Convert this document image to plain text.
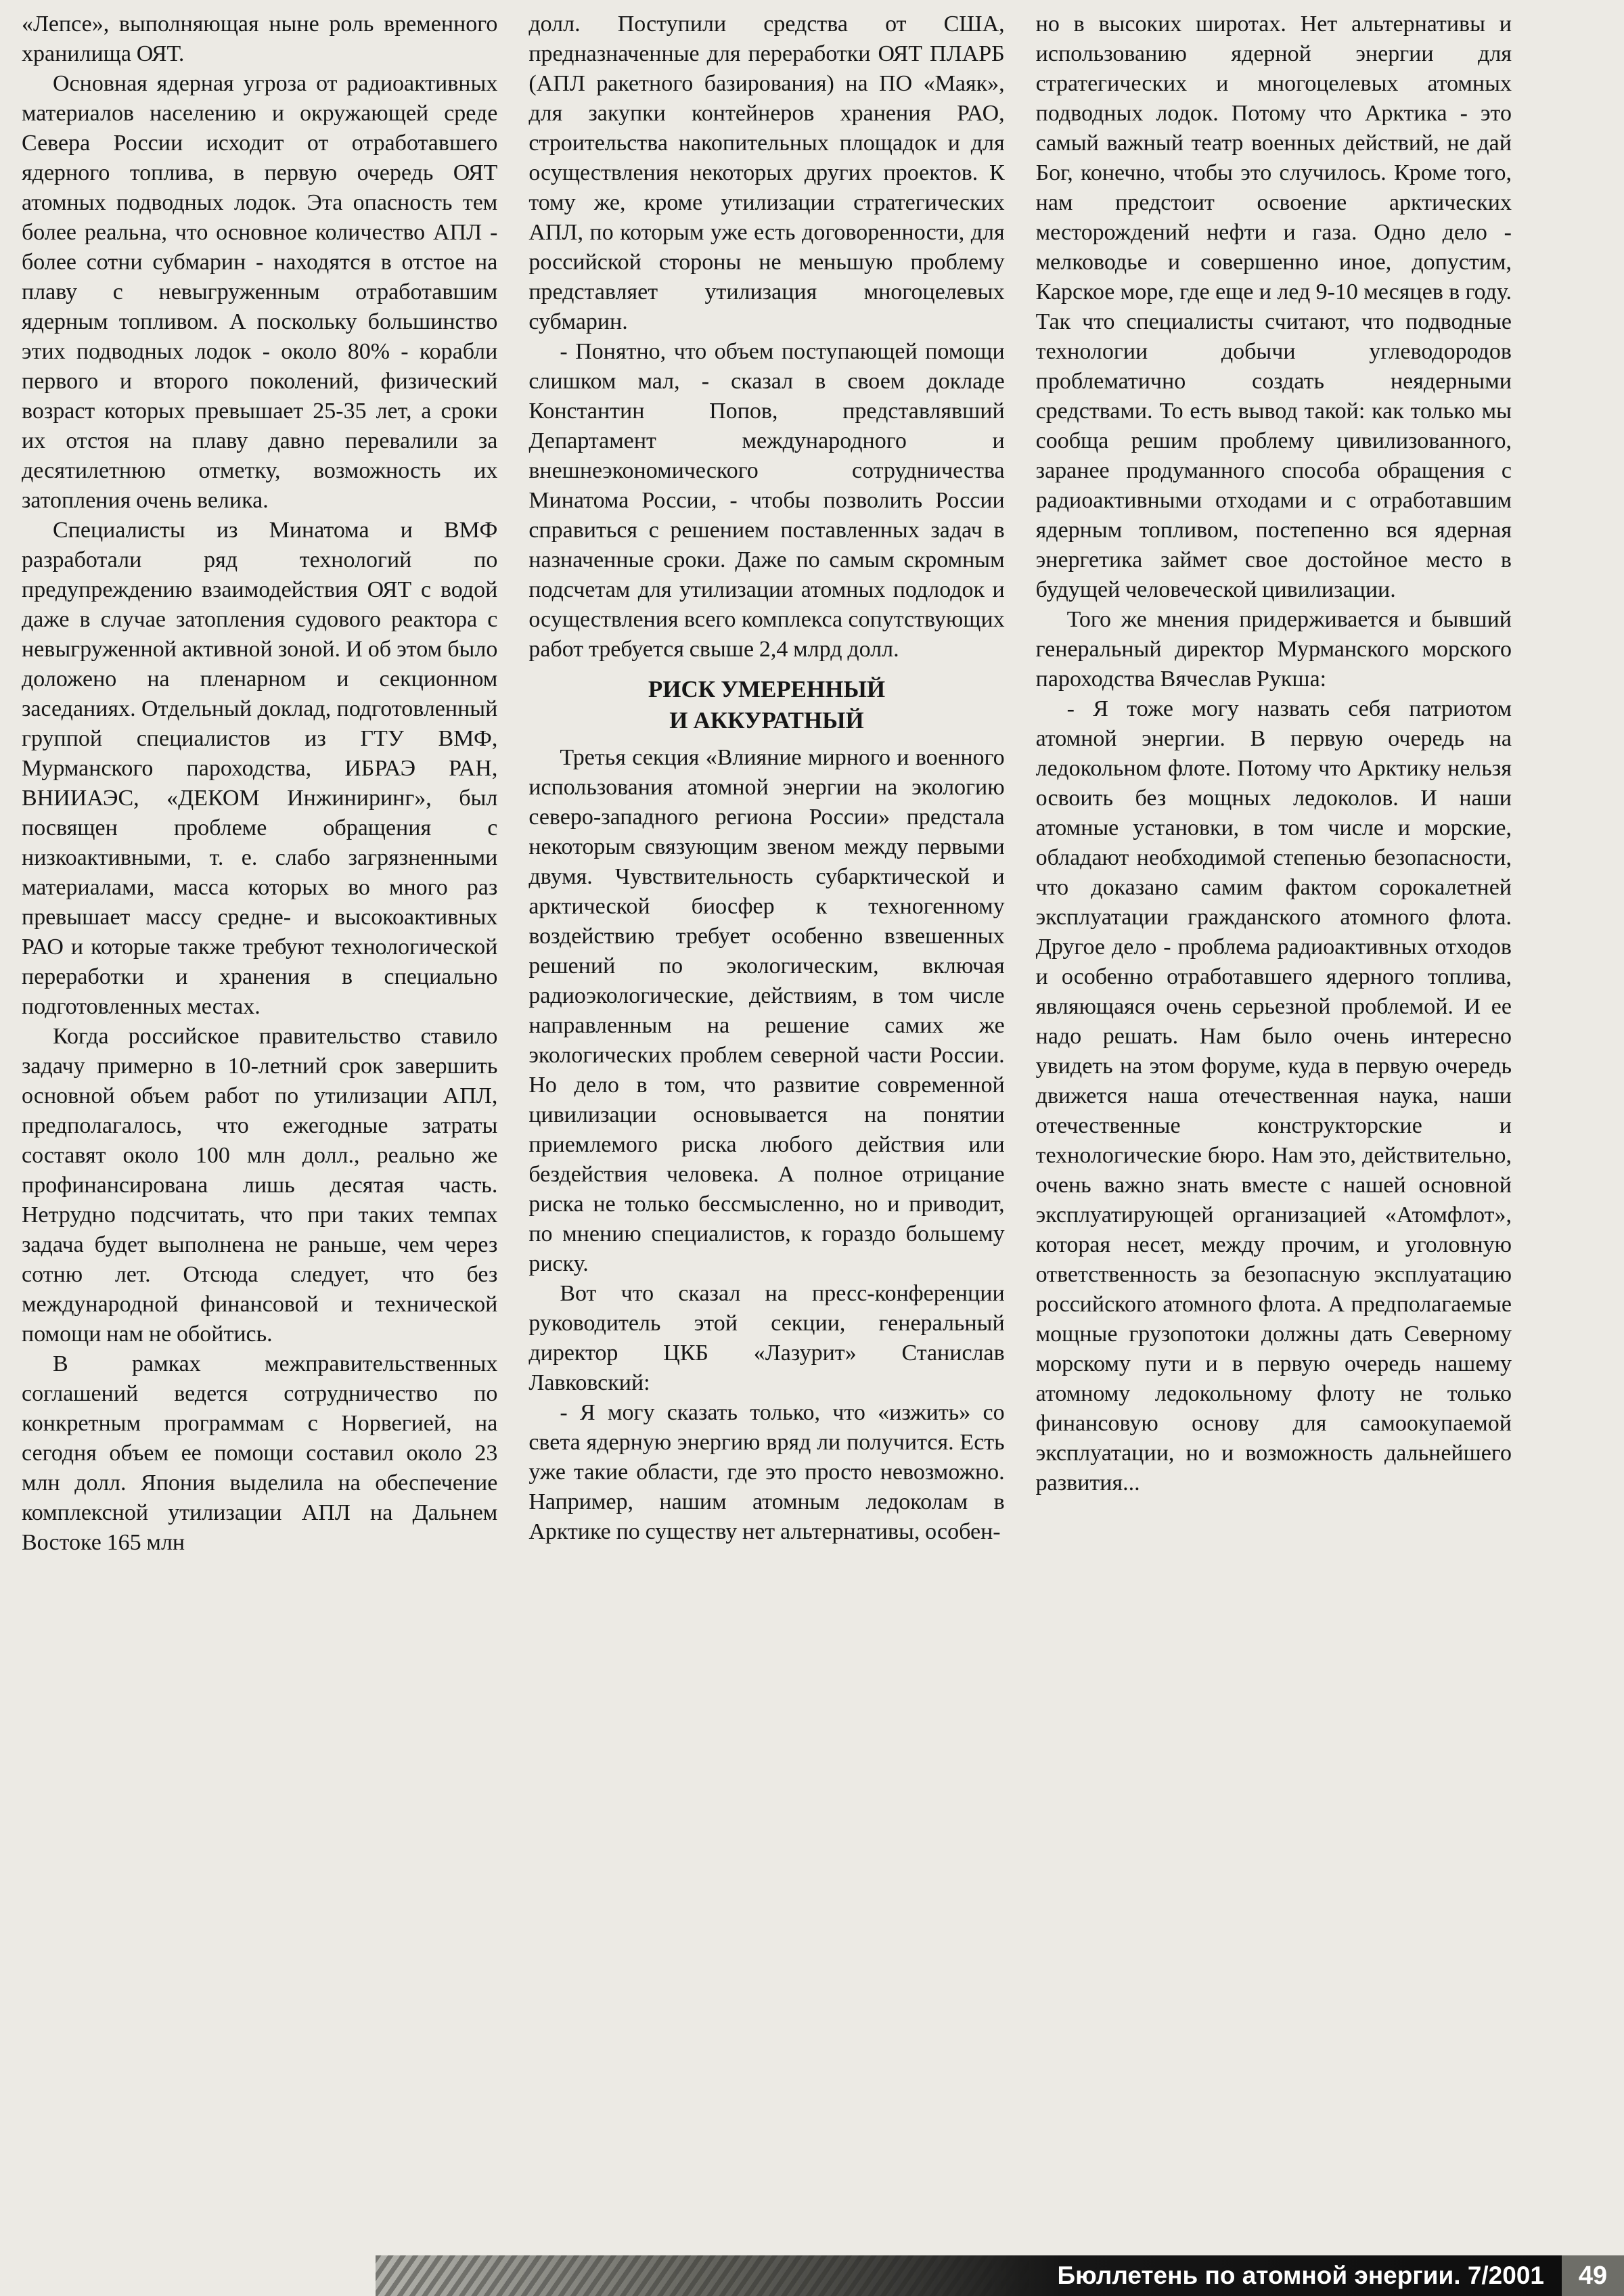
«Лепсе», выполняющая ныне роль временного хранилища ОЯТ.

Основная ядерная угроза от радиоактивных материалов населению и окружающей среде Севера России исходит от отработавшего ядерного топлива, в первую очередь ОЯТ атомных подводных лодок. Эта опасность тем более реальна, что основное количество АПЛ - более сотни субмарин - находятся в отстое на плаву с невыгруженным отработавшим ядерным топливом. А поскольку большинство этих подводных лодок - около 80% - корабли первого и второго поколений, физический возраст которых превышает 25-35 лет, а сроки их отстоя на плаву давно перевалили за десятилетнюю отметку, возможность их затопления очень велика.

Специалисты из Минатома и ВМФ разработали ряд технологий по предупреждению взаимодействия ОЯТ с водой даже в случае затопления судового реактора с невыгруженной активной зоной. И об этом было доложено на пленарном и секционном заседаниях. Отдельный доклад, подготовленный группой специалистов из ГТУ ВМФ, Мурманского пароходства, ИБРАЭ РАН, ВНИИАЭС, «ДЕКОМ Инжиниринг», был посвящен проблеме обращения с низкоактивными, т. е. слабо загрязненными материалами, масса которых во много раз превышает массу средне- и высокоактивных РАО и которые также требуют технологической переработки и хранения в специально подготовленных местах.

Когда российское правительство ставило задачу примерно в 10-летний срок завершить основной объем работ по утилизации АПЛ, предполагалось, что ежегодные затраты составят около 100 млн долл., реально же профинансирована лишь десятая часть. Нетрудно подсчитать, что при таких темпах задача будет выполнена не раньше, чем через сотню лет. Отсюда следует, что без международной финансовой и технической помощи нам не обойтись.

В рамках межправительственных соглашений ведется сотрудничество по конкретным программам с Норвегией, на сегодня объем ее помощи составил около 23 млн долл. Япония выделила на обеспечение комплексной утилизации АПЛ на Дальнем Востоке 165 млн

долл. Поступили средства от США, предназначенные для переработки ОЯТ ПЛАРБ (АПЛ ракетного базирования) на ПО «Маяк», для закупки контейнеров хранения РАО, строительства накопительных площадок и для осуществления некоторых других проектов. К тому же, кроме утилизации стратегических АПЛ, по которым уже есть договоренности, для российской стороны не меньшую проблему представляет утилизация многоцелевых субмарин.

- Понятно, что объем поступающей помощи слишком мал, - сказал в своем докладе Константин Попов, представлявший Департамент международного и внешнеэкономического сотрудничества Минатома России, - чтобы позволить России справиться с решением поставленных задач в назначенные сроки. Даже по самым скромным подсчетам для утилизации атомных подлодок и осуществления всего комплекса сопутствующих работ требуется свыше 2,4 млрд долл.

РИСК УМЕРЕННЫЙ
И АККУРАТНЫЙ

Третья секция «Влияние мирного и военного использования атомной энергии на экологию северо-западного региона России» предстала некоторым связующим звеном между первыми двумя. Чувствительность субарктической и арктической биосфер к техногенному воздействию требует особенно взвешенных решений по экологическим, включая радиоэкологические, действиям, в том числе направленным на решение самих же экологических проблем северной части России. Но дело в том, что развитие современной цивилизации основывается на понятии приемлемого риска любого действия или бездействия человека. А полное отрицание риска не только бессмысленно, но и приводит, по мнению специалистов, к гораздо большему риску.

Вот что сказал на пресс-конференции руководитель этой секции, генеральный директор ЦКБ «Лазурит» Станислав Лавковский:

- Я могу сказать только, что «изжить» со света ядерную энергию вряд ли получится. Есть уже такие области, где это просто невозможно. Например, нашим атомным ледоколам в Арктике по существу нет альтернативы, особен-

но в высоких широтах. Нет альтернативы и использованию ядерной энергии для стратегических и многоцелевых атомных подводных лодок. Потому что Арктика - это самый важный театр военных действий, не дай Бог, конечно, чтобы это случилось. Кроме того, нам предстоит освоение арктических месторождений нефти и газа. Одно дело - мелководье и совершенно иное, допустим, Карское море, где еще и лед 9-10 месяцев в году. Так что специалисты считают, что подводные технологии добычи углеводородов проблематично создать неядерными средствами. То есть вывод такой: как только мы сообща решим проблему цивилизованного, заранее продуманного способа обращения с радиоактивными отходами и с отработавшим ядерным топливом, постепенно вся ядерная энергетика займет свое достойное место в будущей человеческой цивилизации.

Того же мнения придерживается и бывший генеральный директор Мурманского морского пароходства Вячеслав Рукша:

- Я тоже могу назвать себя патриотом атомной энергии. В первую очередь на ледокольном флоте. Потому что Арктику нельзя освоить без мощных ледоколов. И наши атомные установки, в том числе и морские, обладают необходимой степенью безопасности, что доказано самим фактом сорокалетней эксплуатации гражданского атомного флота. Другое дело - проблема радиоактивных отходов и особенно отработавшего ядерного топлива, являющаяся очень серьезной проблемой. И ее надо решать. Нам было очень интересно увидеть на этом форуме, куда в первую очередь движется наша отечественная наука, наши отечественные конструкторские и технологические бюро. Нам это, действительно, очень важно знать вместе с нашей основной эксплуатирующей организацией «Атомфлот», которая несет, между прочим, и уголовную ответственность за безопасную эксплуатацию российского атомного флота. А предполагаемые мощные грузопотоки должны дать Северному морскому пути и в первую очередь нашему атомному ледокольному флоту не только финансовую основу для самоокупаемой эксплуатации, но и возможность дальнейшего развития...

Бюллетень по атомной энергии. 7/2001	49
